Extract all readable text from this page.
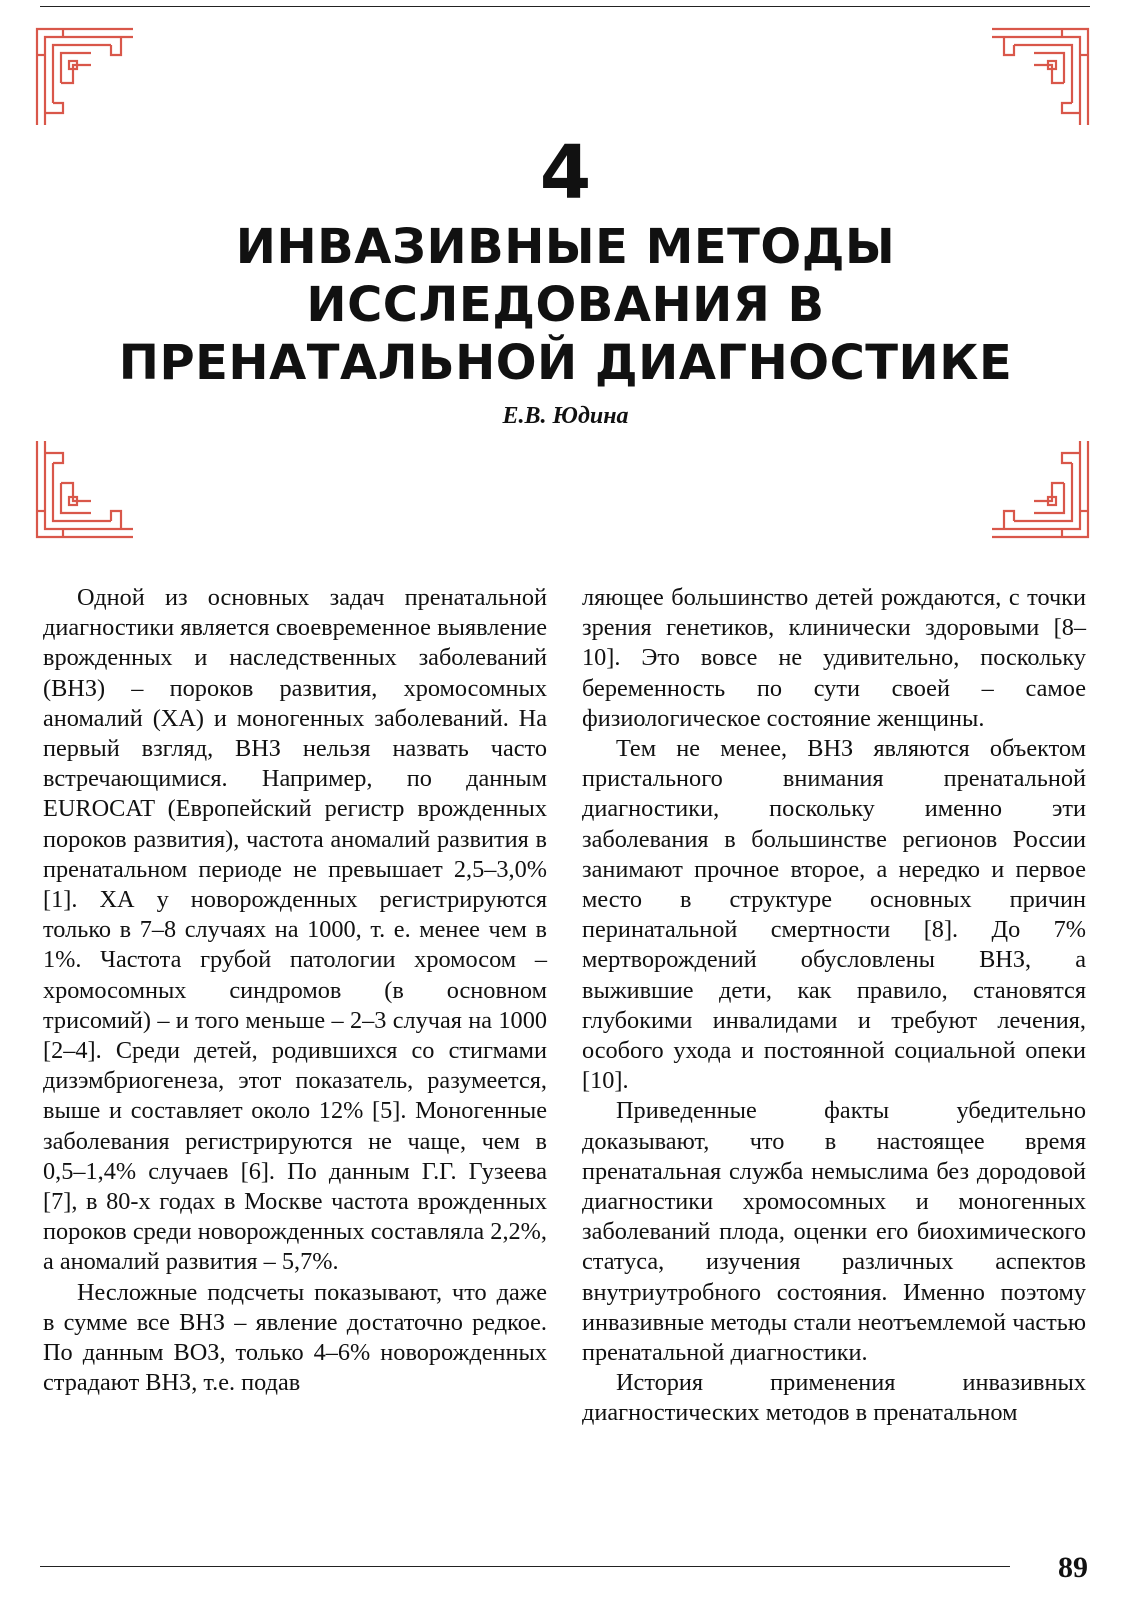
4
ИНВАЗИВНЫЕ МЕТОДЫ
ИССЛЕДОВАНИЯ В
ПРЕНАТАЛЬНОЙ ДИАГНОСТИКЕ
Е.В. Юдина

Одной из основных задач пренатальной диагностики является своевременное выявление врожденных и наследственных заболеваний (ВНЗ) – пороков развития, хромосомных аномалий (ХА) и моногенных заболеваний. На первый взгляд, ВНЗ нельзя назвать часто встречающимися. Например, по данным EUROCAT (Европейский регистр врожденных пороков развития), частота аномалий развития в пренатальном периоде не превышает 2,5–3,0% [1]. ХА у новорожденных регистрируются только в 7–8 случаях на 1000, т. е. менее чем в 1%. Частота грубой патологии хромосом – хромосомных синдромов (в основном трисомий) – и того меньше – 2–3 случая на 1000 [2–4]. Среди детей, родившихся со стигмами дизэмбриогенеза, этот показатель, разумеется, выше и составляет около 12% [5]. Моногенные заболевания регистрируются не чаще, чем в 0,5–1,4% случаев [6]. По данным Г.Г. Гузеева [7], в 80-х годах в Москве частота врожденных пороков среди новорожденных составляла 2,2%, а аномалий развития – 5,7%.

Несложные подсчеты показывают, что даже в сумме все ВНЗ – явление достаточно редкое. По данным ВОЗ, только 4–6% новорожденных страдают ВНЗ, т.е. подав

ляющее большинство детей рождаются, с точки зрения генетиков, клинически здоровыми [8–10]. Это вовсе не удивительно, поскольку беременность по сути своей – самое физиологическое состояние женщины.

Тем не менее, ВНЗ являются объектом пристального внимания пренатальной диагностики, поскольку именно эти заболевания в большинстве регионов России занимают прочное второе, а нередко и первое место в структуре основных причин перинатальной смертности [8]. До 7% мертворождений обусловлены ВНЗ, а выжившие дети, как правило, становятся глубокими инвалидами и требуют лечения, особого ухода и постоянной социальной опеки [10].

Приведенные факты убедительно доказывают, что в настоящее время пренатальная служба немыслима без дородовой диагностики хромосомных и моногенных заболеваний плода, оценки его биохимического статуса, изучения различных аспектов внутриутробного состояния. Именно поэтому инвазивные методы стали неотъемлемой частью пренатальной диагностики.

История применения инвазивных диагностических методов в пренатальном

89
